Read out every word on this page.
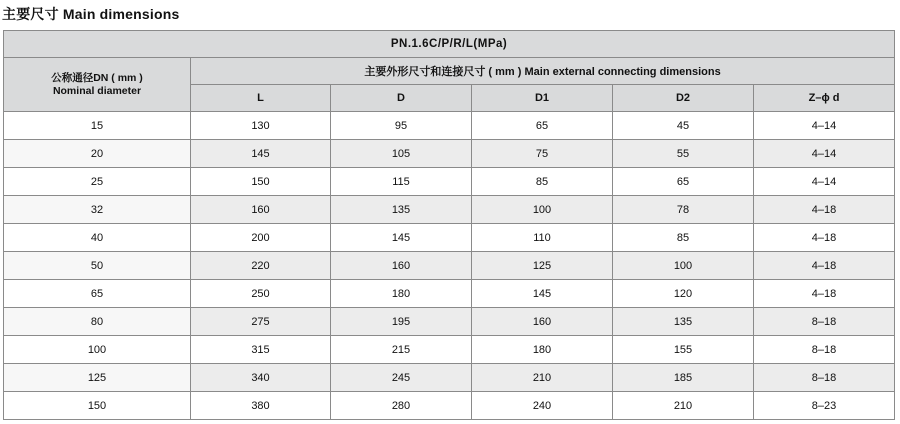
主要尺寸 Main dimensions
PN.1.6C/P/R/L(MPa)					

公称通径DN ( mm )
Nominal diameter	主要外形尺寸和连接尺寸 ( mm ) Main external connecting dimensions				
	L	D	D1	D2	Z–ϕ d
15	130	95	65	45	4–14
20	145	105	75	55	4–14
25	150	115	85	65	4–14
32	160	135	100	78	4–18
40	200	145	110	85	4–18
50	220	160	125	100	4–18
65	250	180	145	120	4–18
80	275	195	160	135	8–18
100	315	215	180	155	8–18
125	340	245	210	185	8–18
150	380	280	240	210	8–23
